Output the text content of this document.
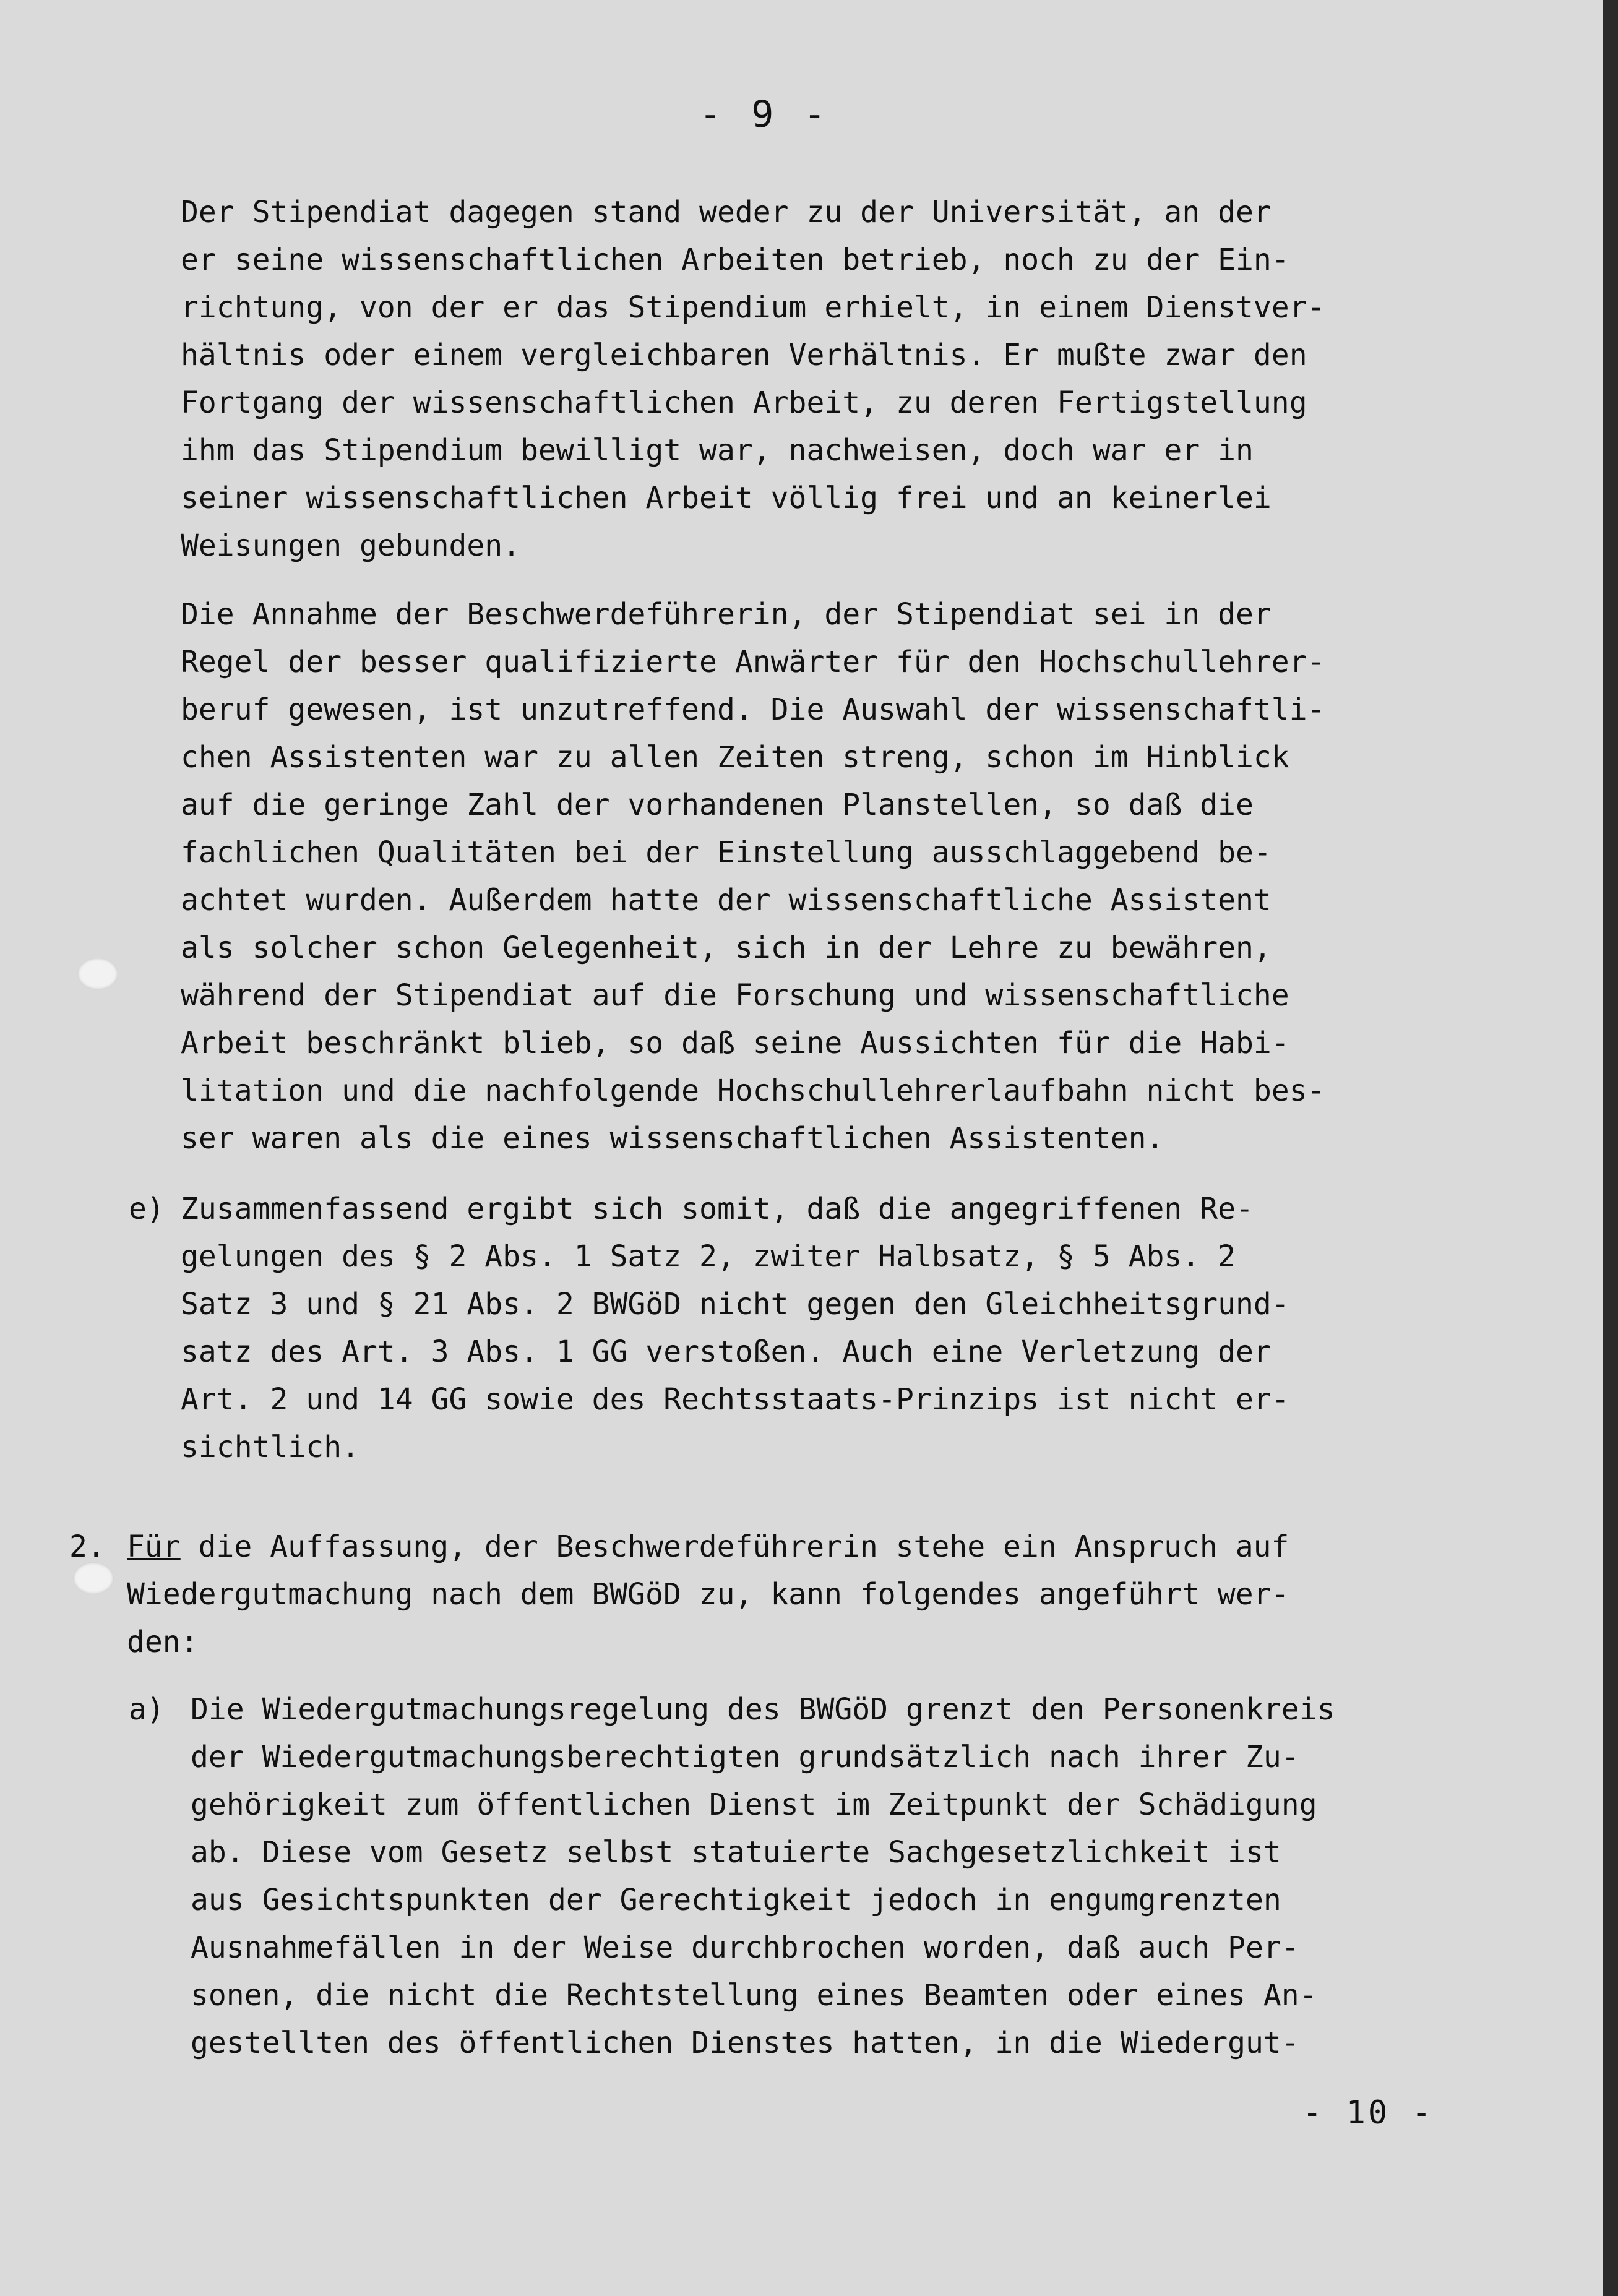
- 9 -
Der Stipendiat dagegen stand weder zu der Universität, an der
er seine wissenschaftlichen Arbeiten betrieb, noch zu der Ein-
richtung, von der er das Stipendium erhielt, in einem Dienstver-
hältnis oder einem vergleichbaren Verhältnis. Er mußte zwar den
Fortgang der wissenschaftlichen Arbeit, zu deren Fertigstellung
ihm das Stipendium bewilligt war, nachweisen, doch war er in
seiner wissenschaftlichen Arbeit völlig frei und an keinerlei
Weisungen gebunden.
Die Annahme der Beschwerdeführerin, der Stipendiat sei in der
Regel der besser qualifizierte Anwärter für den Hochschullehrer-
beruf gewesen, ist unzutreffend. Die Auswahl der wissenschaftli-
chen Assistenten war zu allen Zeiten streng, schon im Hinblick
auf die geringe Zahl der vorhandenen Planstellen, so daß die
fachlichen Qualitäten bei der Einstellung ausschlaggebend be-
achtet wurden. Außerdem hatte der wissenschaftliche Assistent
als solcher schon Gelegenheit, sich in der Lehre zu bewähren,
während der Stipendiat auf die Forschung und wissenschaftliche
Arbeit beschränkt blieb, so daß seine Aussichten für die Habi-
litation und die nachfolgende Hochschullehrerlaufbahn nicht bes-
ser waren als die eines wissenschaftlichen Assistenten.
e) Zusammenfassend ergibt sich somit, daß die angegriffenen Re-
gelungen des § 2 Abs. 1 Satz 2, zwiter Halbsatz, § 5 Abs. 2
Satz 3 und § 21 Abs. 2 BWGöD nicht gegen den Gleichheitsgrund-
satz des Art. 3 Abs. 1 GG verstoßen. Auch eine Verletzung der
Art. 2 und 14 GG sowie des Rechtsstaats-Prinzips ist nicht er-
sichtlich.
2. Für die Auffassung, der Beschwerdeführerin stehe ein Anspruch auf
Wiedergutmachung nach dem BWGöD zu, kann folgendes angeführt wer-
den:
a) Die Wiedergutmachungsregelung des BWGöD grenzt den Personenkreis
der Wiedergutmachungsberechtigten grundsätzlich nach ihrer Zu-
gehörigkeit zum öffentlichen Dienst im Zeitpunkt der Schädigung
ab. Diese vom Gesetz selbst statuierte Sachgesetzlichkeit ist
aus Gesichtspunkten der Gerechtigkeit jedoch in engumgrenzten
Ausnahmefällen in der Weise durchbrochen worden, daß auch Per-
sonen, die nicht die Rechtstellung eines Beamten oder eines An-
gestellten des öffentlichen Dienstes hatten, in die Wiedergut-
- 10 -
